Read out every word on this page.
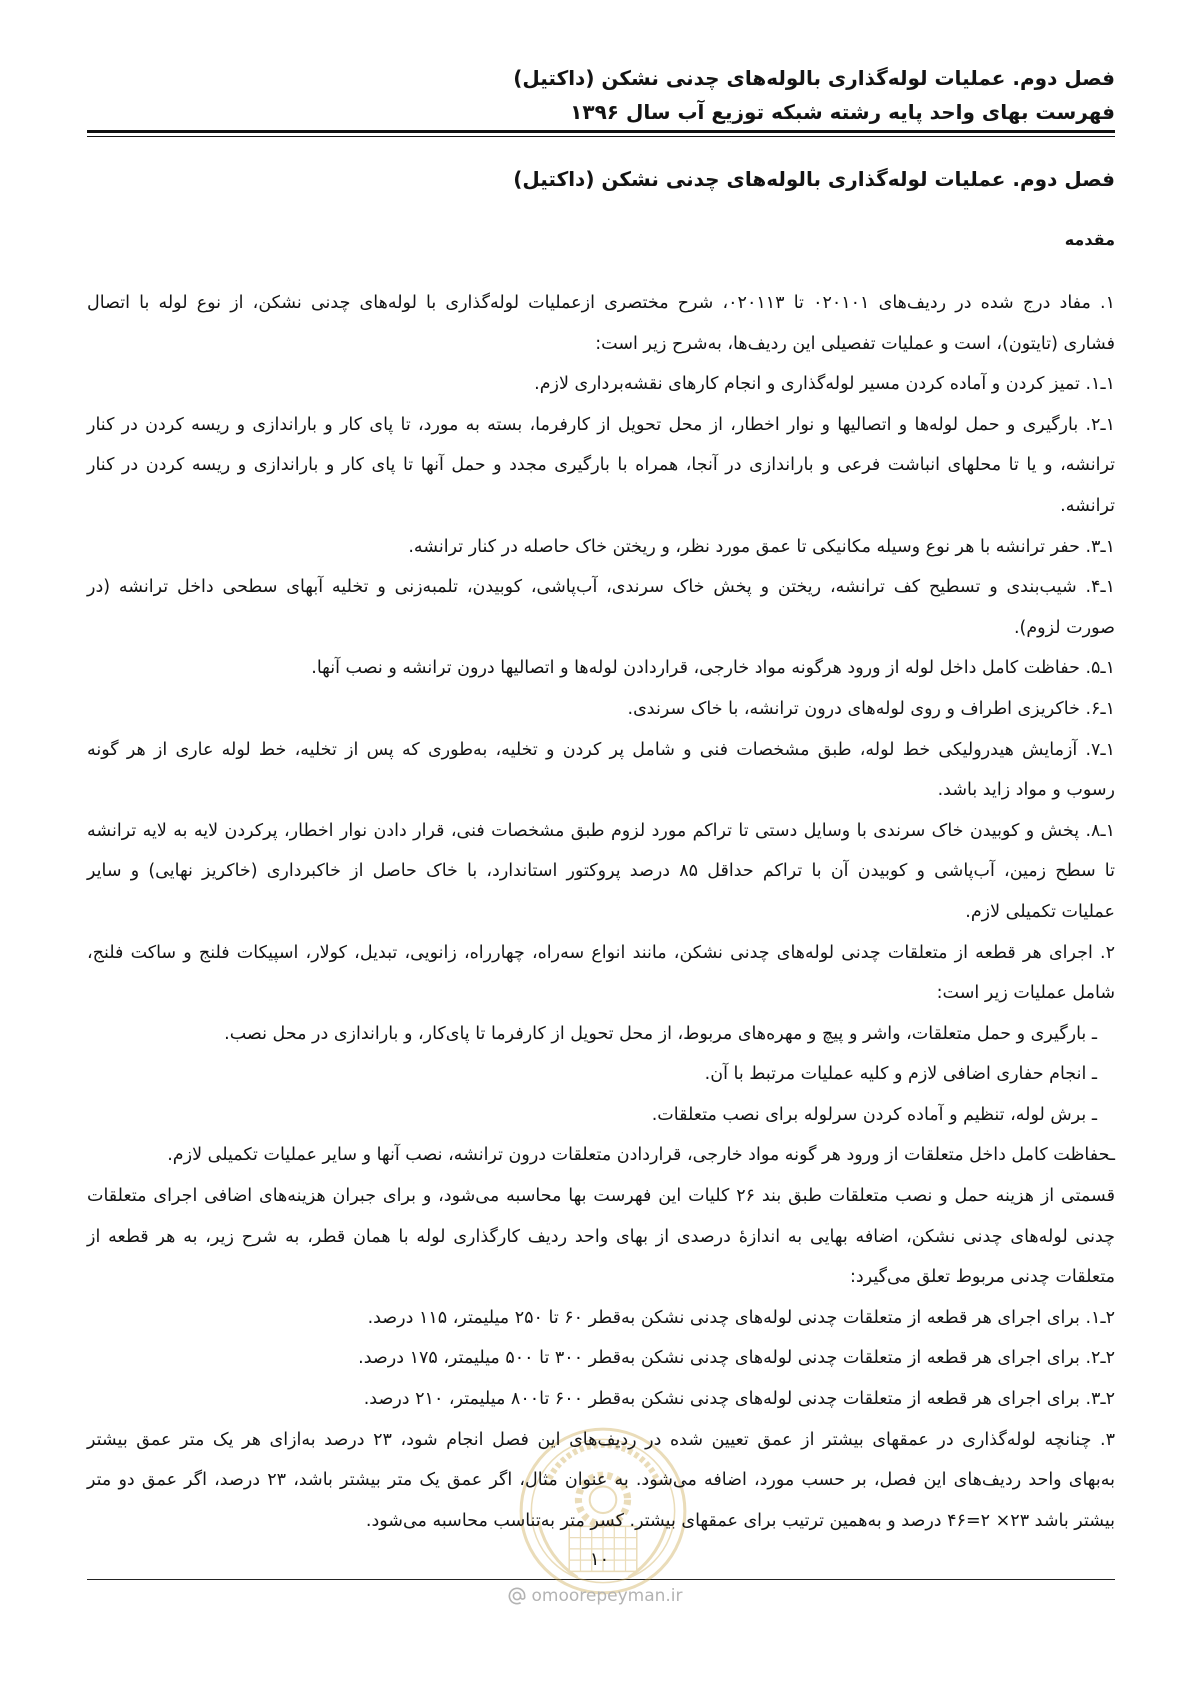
فصل دوم. عملیات لوله‌گذاری بالوله‌های چدنی نشکن (داکتیل)
فهرست بهای واحد پایه رشته شبکه توزیع آب سال ۱۳۹۶
فصل دوم. عملیات لوله‌گذاری بالوله‌های چدنی نشکن (داکتیل)
مقدمه
۱. مفاد درج شده در ردیف‌های ۰۲۰۱۰۱ تا ۰۲۰۱۱۳، شرح مختصری ازعملیات لوله‌گذاری با لوله‌های چدنی نشکن، از نوع لوله با اتصال
فشاری (تایتون)، است و عملیات تفصیلی این ردیف‌ها، به‌شرح زیر است:
۱ـ۱. تمیز کردن و آماده کردن مسیر لوله‌گذاری و انجام کارهای نقشه‌برداری لازم.
۱ـ۲. بارگیری و حمل لوله‌ها و اتصالیها و نوار اخطار، از محل تحویل از کارفرما، بسته به مورد، تا پای کار و باراندازی و ریسه کردن در کنار
ترانشه، و یا تا محلهای انباشت فرعی و باراندازی در آنجا، همراه با بارگیری مجدد و حمل آنها تا پای کار و باراندازی و ریسه کردن در کنار
ترانشه.
۱ـ۳. حفر ترانشه با هر نوع وسیله مکانیکی تا عمق مورد نظر، و ریختن خاک حاصله در کنار ترانشه.
۱ـ۴. شیب‌بندی و تسطیح کف ترانشه، ریختن و پخش خاک سرندی، آب‌پاشی، کوبیدن، تلمبه‌زنی و تخلیه آبهای سطحی داخل ترانشه (در
صورت لزوم).
۱ـ۵. حفاظت کامل داخل لوله از ورود هرگونه مواد خارجی، قراردادن لوله‌ها و اتصالیها درون ترانشه و نصب آنها.
۱ـ۶. خاکریزی اطراف و روی لوله‌های درون ترانشه، با خاک سرندی.
۱ـ۷. آزمایش هیدرولیکی خط لوله، طبق مشخصات فنی و شامل پر کردن و تخلیه، به‌طوری که پس از تخلیه، خط لوله عاری از هر گونه
رسوب و مواد زاید باشد.
۱ـ۸. پخش و کوبیدن خاک سرندی با وسایل دستی تا تراکم مورد لزوم طبق مشخصات فنی، قرار دادن نوار اخطار، پرکردن لایه به لایه ترانشه
تا سطح زمین، آب‌پاشی و کوبیدن آن با تراکم حداقل ۸۵ درصد پروکتور استاندارد، با خاک حاصل از خاکبرداری (خاکریز نهایی) و سایر
عملیات تکمیلی لازم.
۲. اجرای هر قطعه از متعلقات چدنی لوله‌های چدنی نشکن، مانند انواع سه‌راه، چهارراه، زانویی، تبدیل، کولار، اسپیکات فلنج و ساکت فلنج،
شامل عملیات زیر است:
ـ بارگیری و حمل متعلقات، واشر و پیچ و مهره‌های مربوط، از محل تحویل از کارفرما تا پای‌کار، و باراندازی در محل نصب.
ـ انجام حفاری اضافی لازم و کلیه عملیات مرتبط با آن.
ـ برش لوله، تنظیم و آماده کردن سرلوله برای نصب متعلقات.
ـحفاظت کامل داخل متعلقات از ورود هر گونه مواد خارجی، قراردادن متعلقات درون ترانشه، نصب آنها و سایر عملیات تکمیلی لازم.
قسمتی از هزینه حمل و نصب متعلقات طبق بند ۲۶ کلیات این فهرست بها محاسبه می‌شود، و برای جبران هزینه‌های اضافی اجرای متعلقات
چدنی لوله‌های چدنی نشکن، اضافه بهایی به اندازهٔ درصدی از بهای واحد ردیف کارگذاری لوله با همان قطر، به شرح زیر، به هر قطعه از
متعلقات چدنی مربوط تعلق می‌گیرد:
۲ـ۱. برای اجرای هر قطعه از متعلقات چدنی لوله‌های چدنی نشکن به‌قطر ۶۰ تا ۲۵۰ میلیمتر، ۱۱۵ درصد.
۲ـ۲. برای اجرای هر قطعه از متعلقات چدنی لوله‌های چدنی نشکن به‌قطر ۳۰۰ تا ۵۰۰ میلیمتر، ۱۷۵ درصد.
۲ـ۳. برای اجرای هر قطعه از متعلقات چدنی لوله‌های چدنی نشکن به‌قطر ۶۰۰ تا۸۰۰ میلیمتر، ۲۱۰ درصد.
۳. چنانچه لوله‌گذاری در عمقهای بیشتر از عمق تعیین شده در ردیف‌های این فصل انجام شود، ۲۳ درصد به‌ازای هر یک متر عمق بیشتر
به‌بهای واحد ردیف‌های این فصل، بر حسب مورد، اضافه می‌شود. به عنوان مثال، اگر عمق یک متر بیشتر باشد، ۲۳ درصد، اگر عمق دو متر
بیشتر باشد ۲۳× ۲=۴۶ درصد و به‌همین ترتیب برای عمقهای بیشتر. کسر متر به‌تناسب محاسبه می‌شود.
۱۰
omoorepeyman.ir
